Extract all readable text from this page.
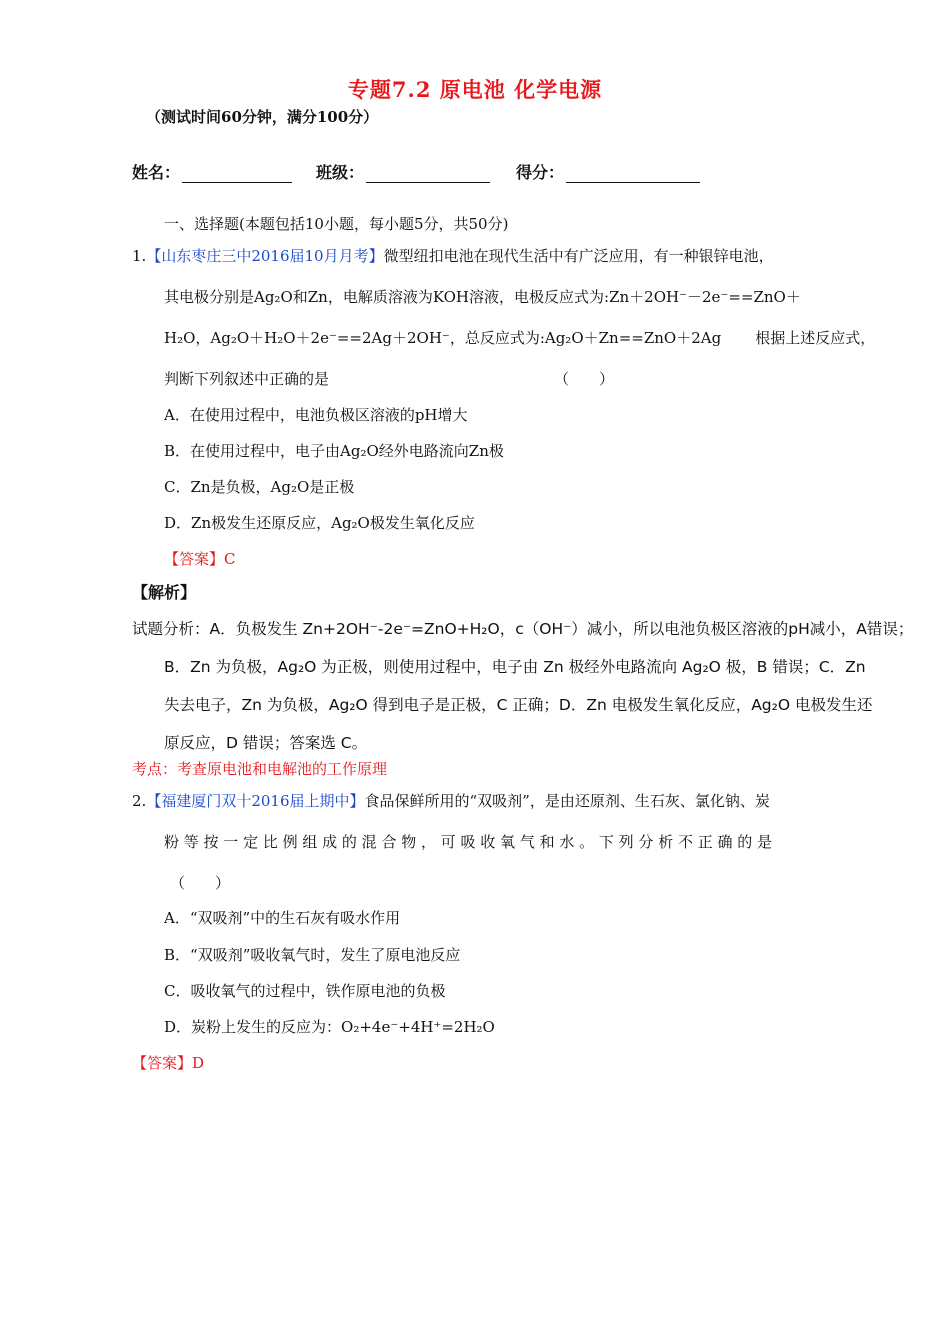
专题7.2 原电池 化学电源
（测试时间60分钟，满分100分）
姓名：	班级：	得分：
一、选择题(本题包括10小题，每小题5分，共50分)
1.【山东枣庄三中2016届10月月考】微型纽扣电池在现代生活中有广泛应用，有一种银锌电池，
其电极分别是Ag₂O和Zn，电解质溶液为KOH溶液，电极反应式为:Zn＋2OH⁻－2e⁻==ZnO＋
H₂O，Ag₂O＋H₂O＋2e⁻==2Ag＋2OH⁻，总反应式为:Ag₂O＋Zn==ZnO＋2Ag 根据上述反应式，
判断下列叙述中正确的是	（　　）
A．在使用过程中，电池负极区溶液的pH增大
B．在使用过程中，电子由Ag₂O经外电路流向Zn极
C．Zn是负极，Ag₂O是正极
D．Zn极发生还原反应，Ag₂O极发生氧化反应
【答案】C
【解析】
试题分析：A．负极发生 Zn+2OH⁻-2e⁻=ZnO+H₂O，c（OH⁻）减小，所以电池负极区溶液的pH减小，A错误；
B．Zn 为负极，Ag₂O 为正极，则使用过程中，电子由 Zn 极经外电路流向 Ag₂O 极，B 错误；C．Zn
失去电子，Zn 为负极，Ag₂O 得到电子是正极，C 正确；D．Zn 电极发生氧化反应，Ag₂O 电极发生还
原反应，D 错误；答案选 C。
考点：考查原电池和电解池的工作原理
2.【福建厦门双十2016届上期中】食品保鲜所用的“双吸剂”，是由还原剂、生石灰、氯化钠、炭
粉 等 按 一 定 比 例 组 成 的 混 合 物 ， 可 吸 收 氧 气 和 水 。 下 列 分 析 不 正 确 的 是
（　　）
A．“双吸剂”中的生石灰有吸水作用
B．“双吸剂”吸收氧气时，发生了原电池反应
C．吸收氧气的过程中，铁作原电池的负极
D．炭粉上发生的反应为：O₂+4e⁻+4H⁺=2H₂O
【答案】D
